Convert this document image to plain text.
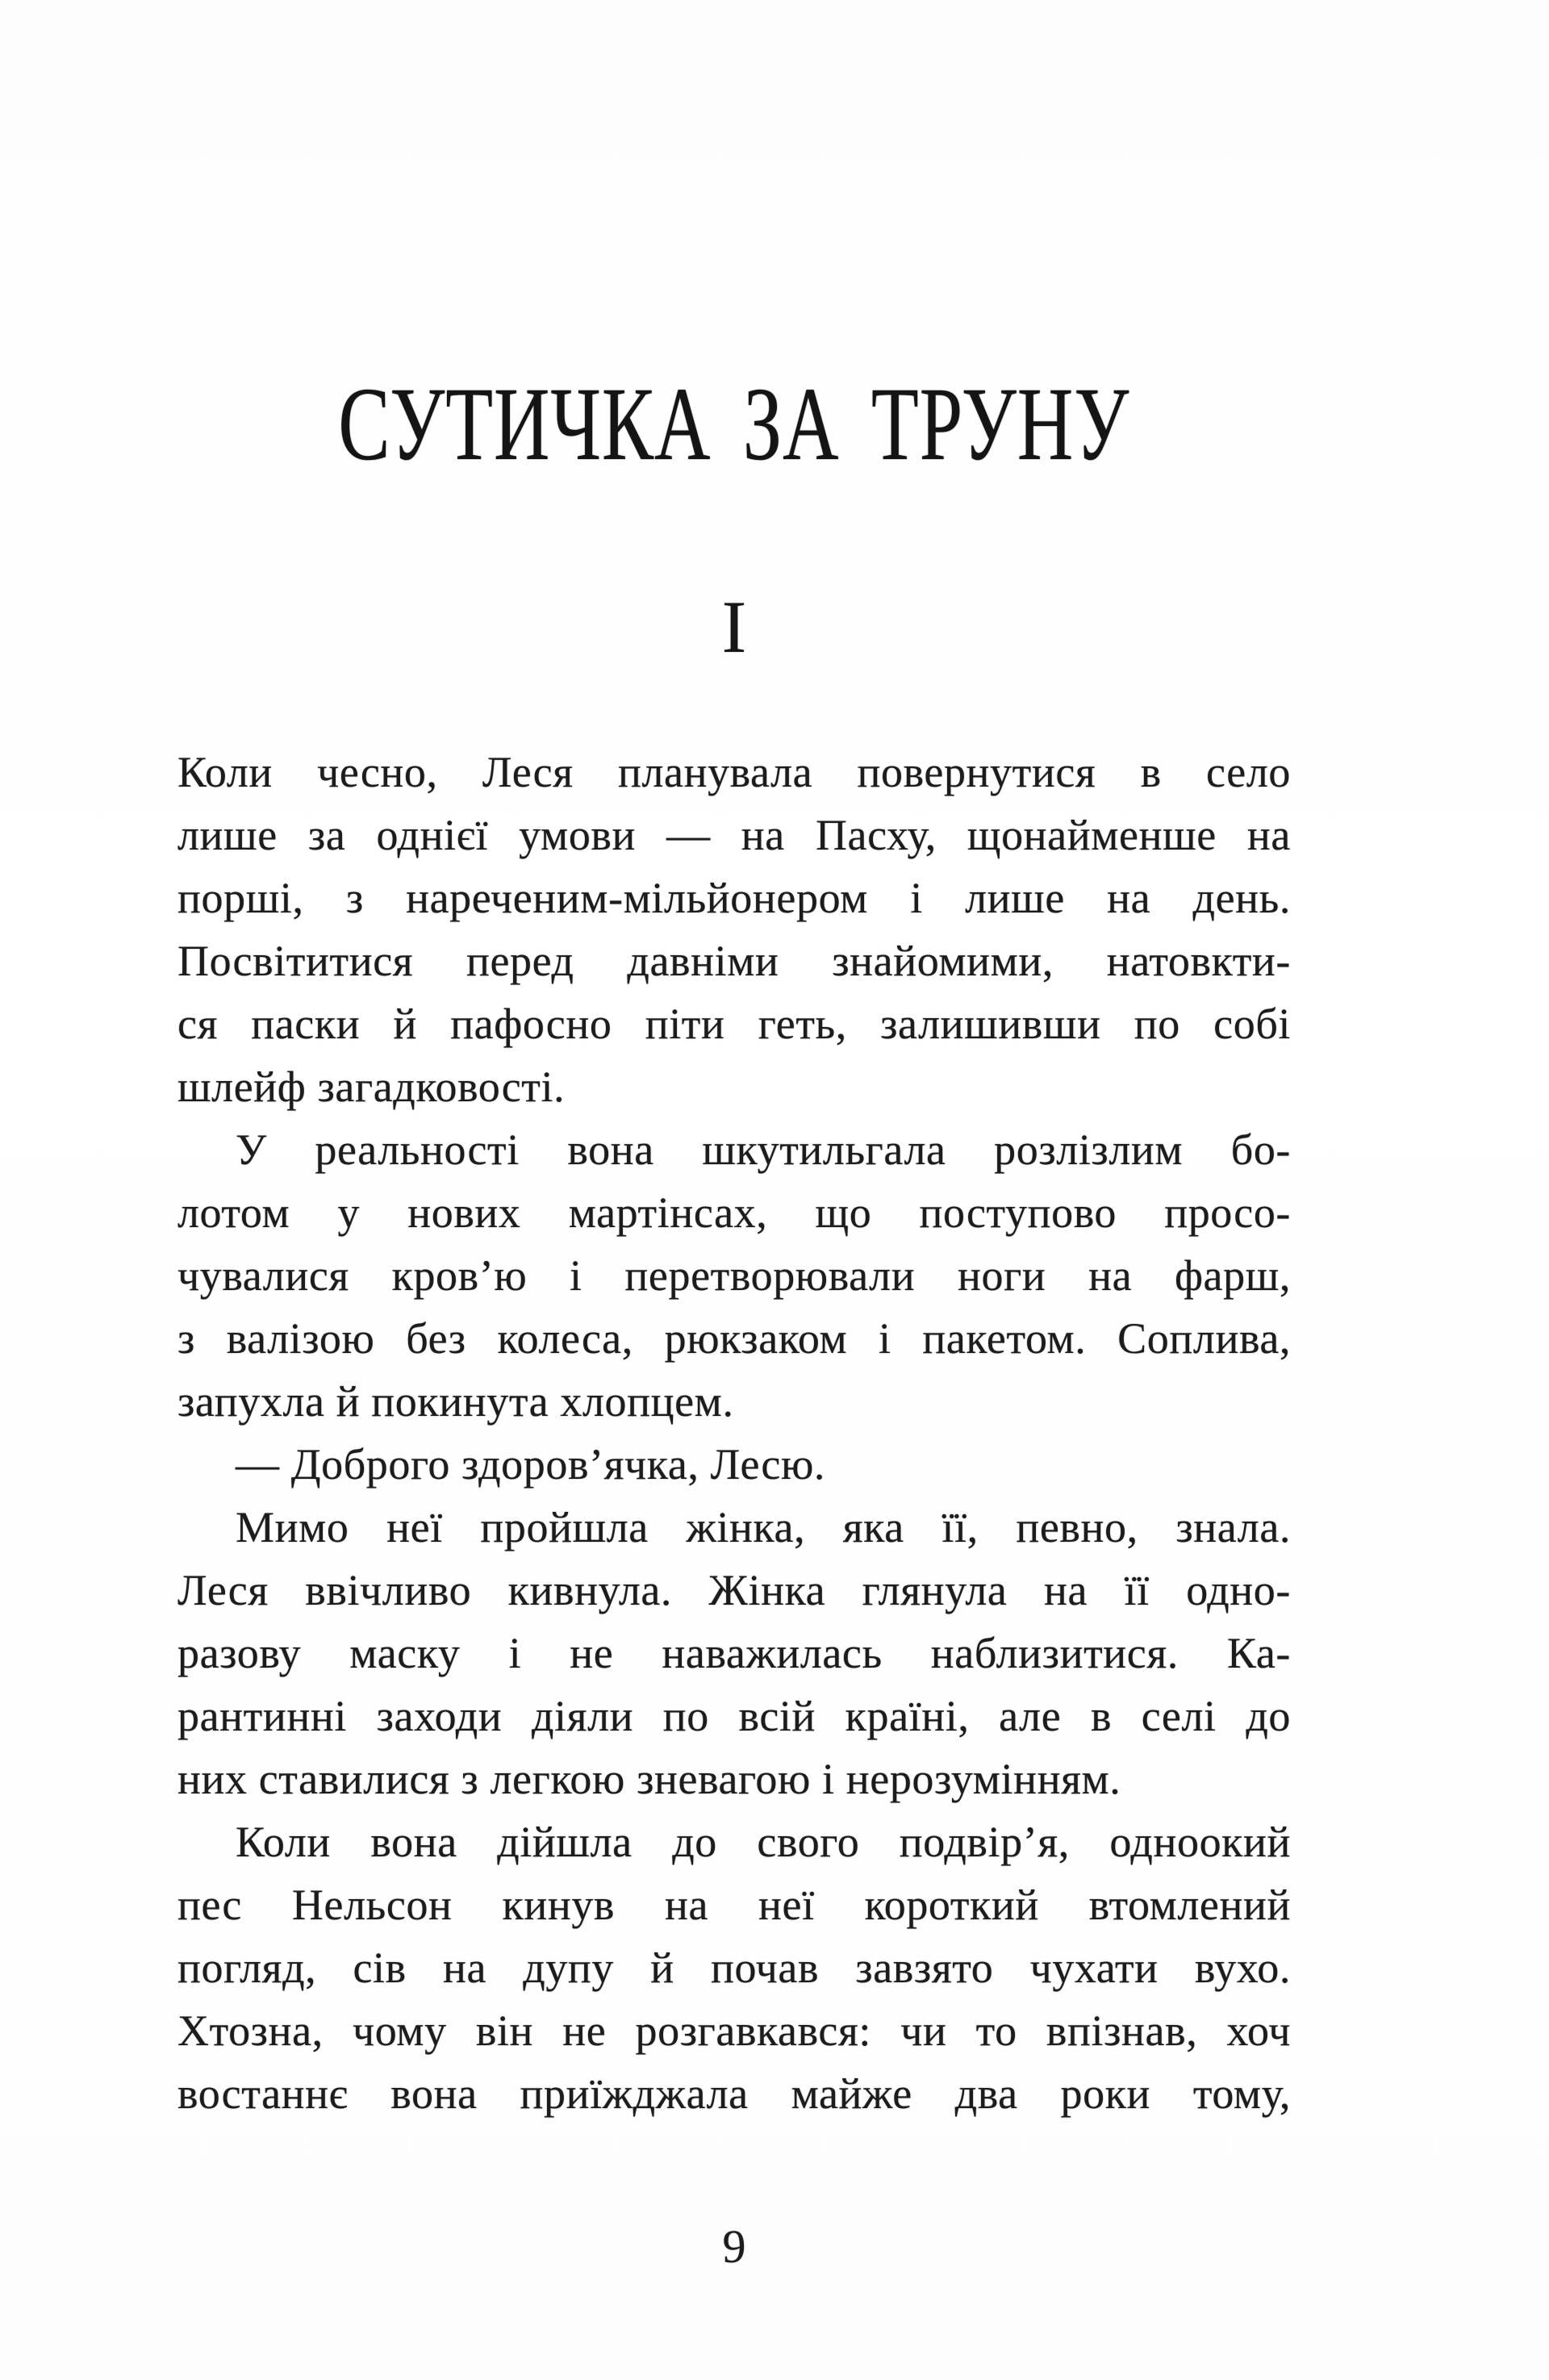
СУТИЧКА ЗА ТРУНУ
I
Коли чесно, Леся планувала повернутися в село
лише за однієї умови — на Пасху, щонайменше на
порші, з нареченим-мільйонером і лише на день.
Посвітитися перед давніми знайомими, натовкти-
ся паски й пафосно піти геть, залишивши по собі
шлейф загадковості.
У реальності вона шкутильгала розлізлим бо-
лотом у нових мартінсах, що поступово просо-
чувалися кров’ю і перетворювали ноги на фарш,
з валізою без колеса, рюкзаком і пакетом. Соплива,
запухла й покинута хлопцем.
— Доброго здоров’ячка, Лесю.
Мимо неї пройшла жінка, яка її, певно, знала.
Леся ввічливо кивнула. Жінка глянула на її одно-
разову маску і не наважилась наблизитися. Ка-
рантинні заходи діяли по всій країні, але в селі до
них ставилися з легкою зневагою і нерозумінням.
Коли вона дійшла до свого подвір’я, одноокий
пес Нельсон кинув на неї короткий втомлений
погляд, сів на дупу й почав завзято чухати вухо.
Хтозна, чому він не розгавкався: чи то впізнав, хоч
востаннє вона приїжджала майже два роки тому,
9
